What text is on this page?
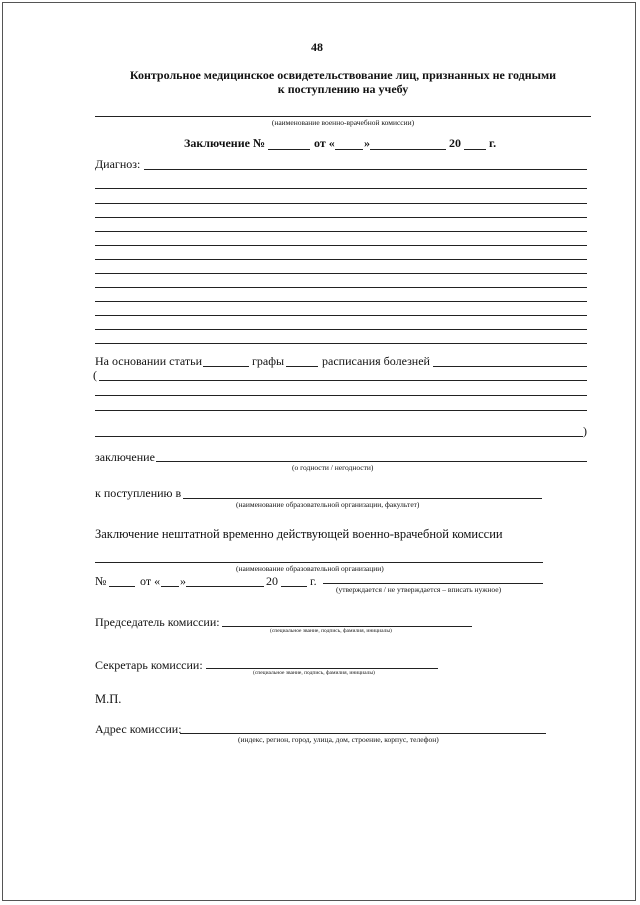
48
Контрольное медицинское освидетельствование лиц, признанных не годными
к поступлению на учебу
(наименование военно-врачебной комиссии)
Заключение №	от « »	20 г.
Диагноз:
На основании статьи	графы	расписания болезней
(
)
заключение
(о годности / негодности)
к поступлению в
(наименование образовательной организации, факультет)
Заключение нештатной временно действующей военно-врачебной комиссии
(наименование образовательной организации)
№	от « »	20	г.
(утверждается / не утверждается – вписать нужное)
Председатель комиссии:
(специальное звание, подпись, фамилия, инициалы)
Секретарь комиссии:
(специальное звание, подпись, фамилия, инициалы)
М.П.
Адрес комиссии:
(индекс, регион, город, улица, дом, строение, корпус, телефон)
